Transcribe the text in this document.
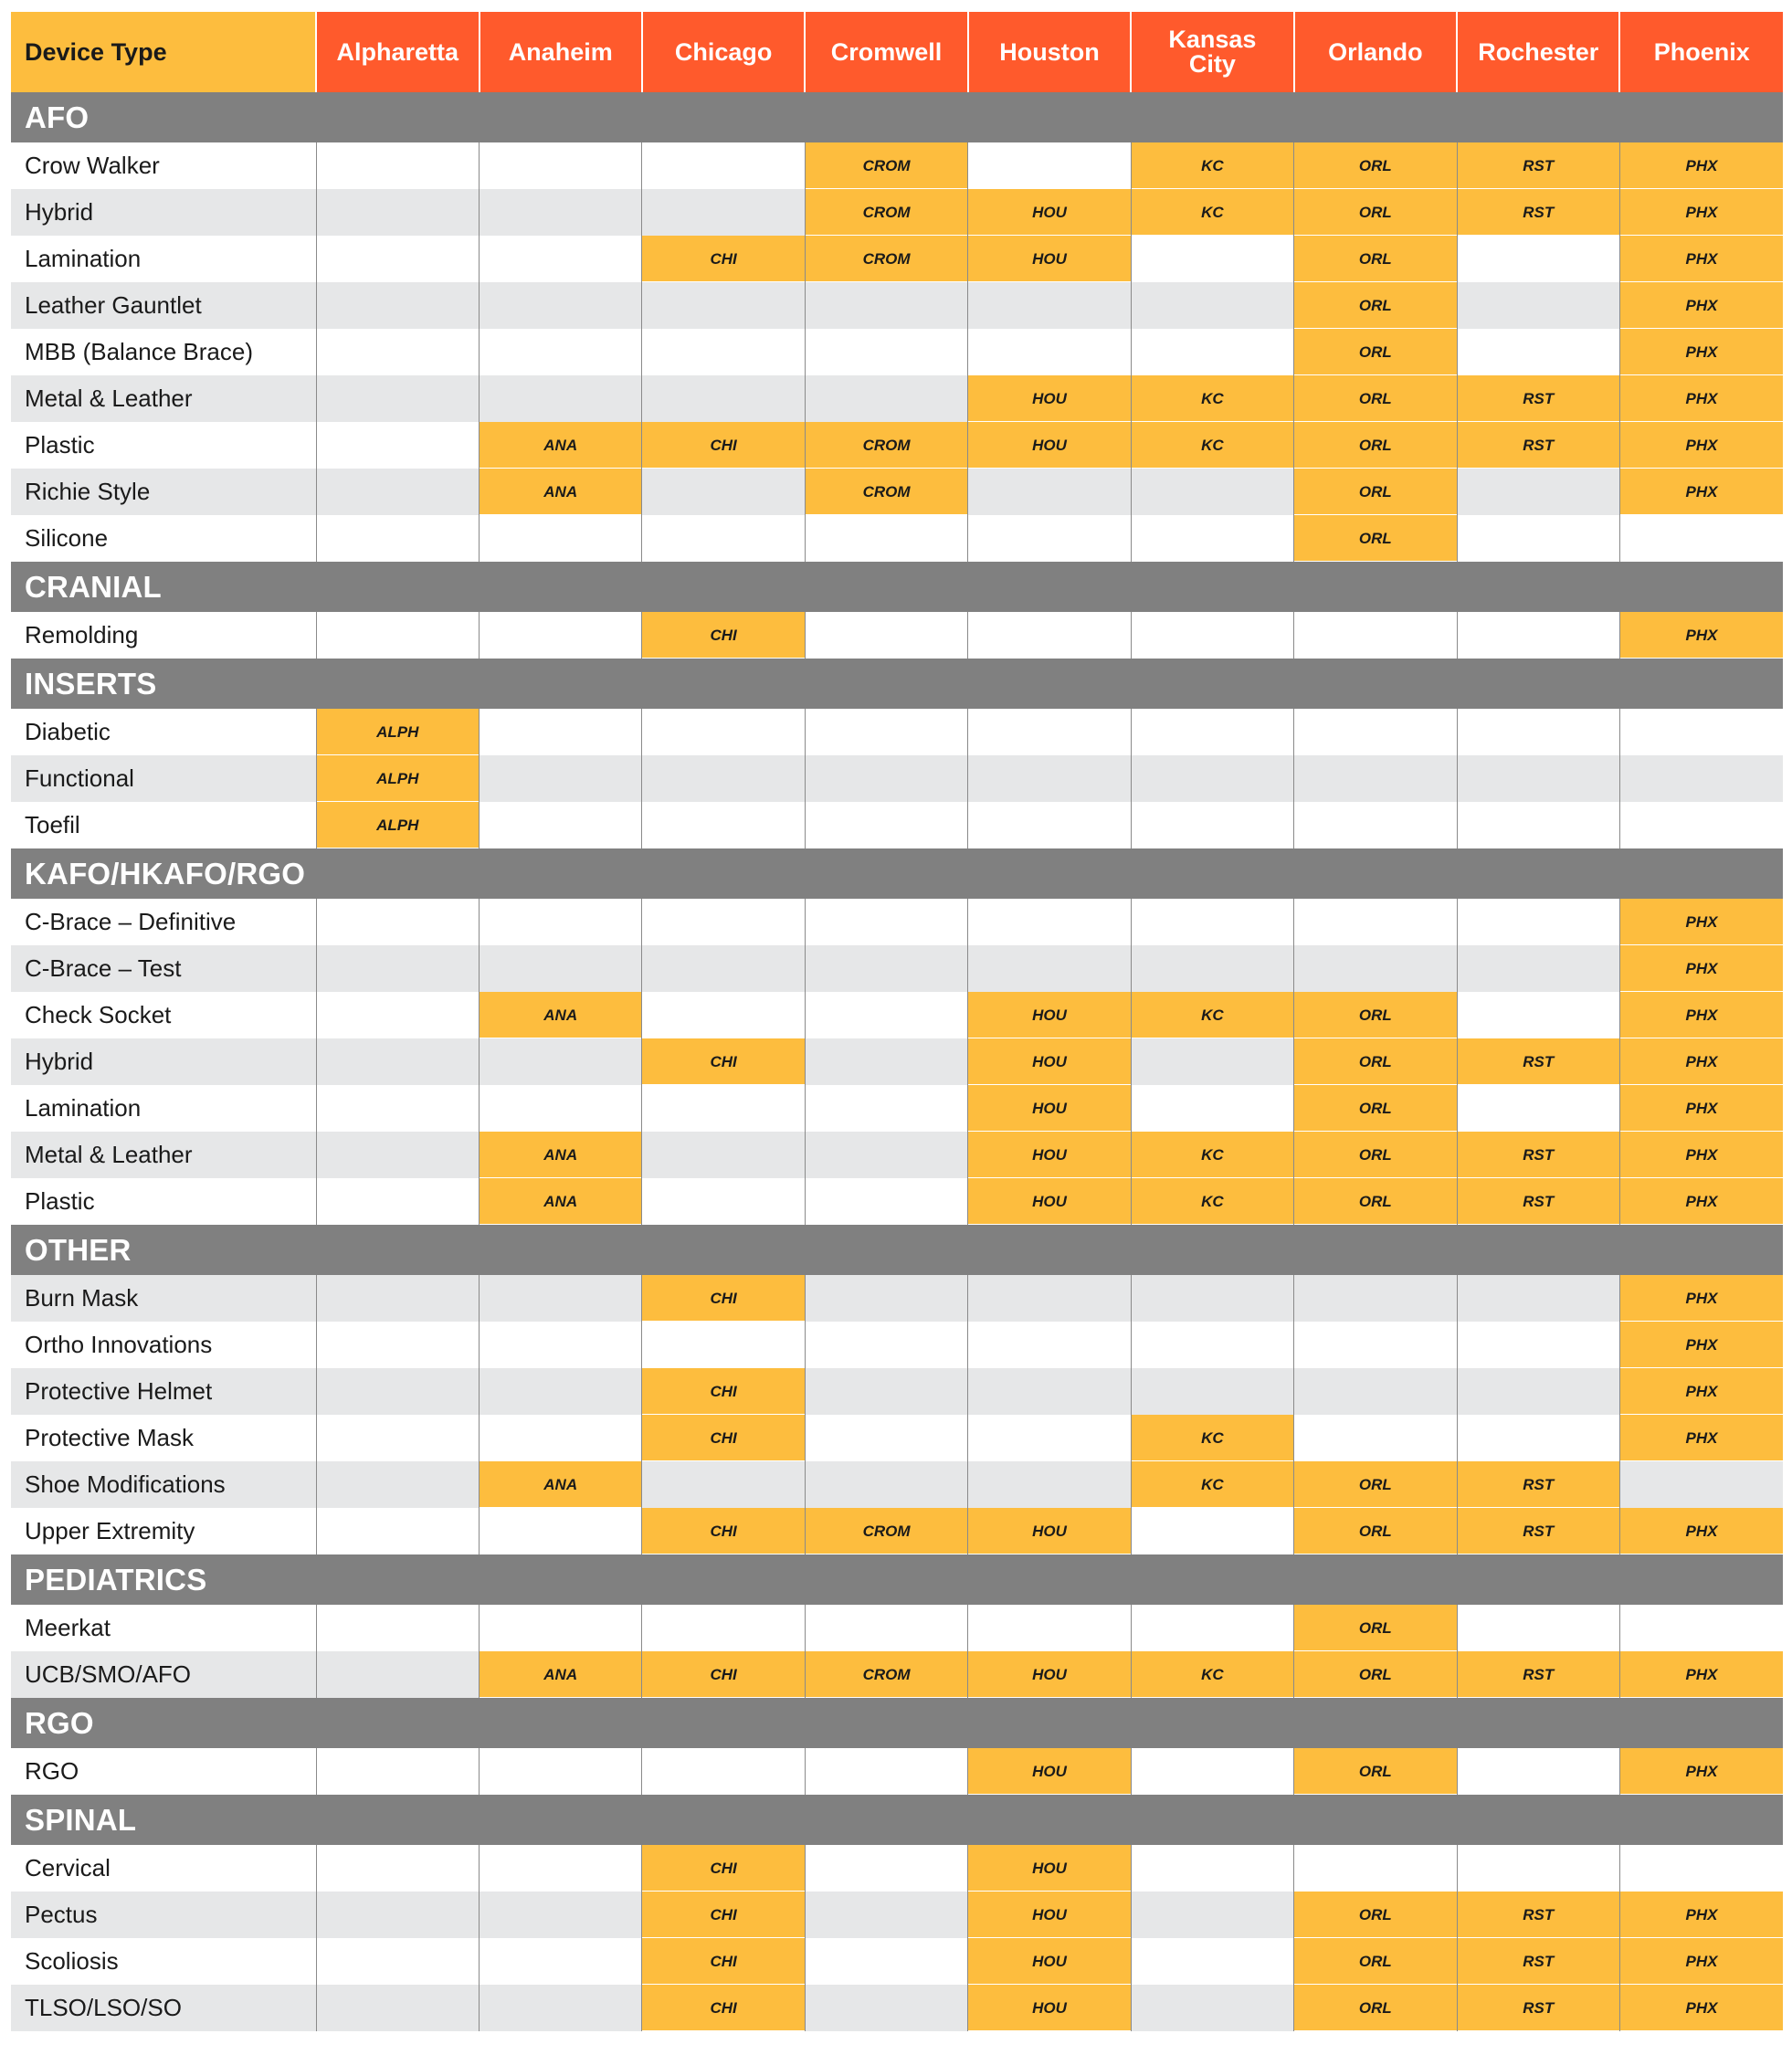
Device Type	Alpharetta	Anaheim	Chicago	Cromwell	Houston	Kansas City	Orlando	Rochester	Phoenix
AFO									
Crow Walker				CROM		KC	ORL	RST	PHX
Hybrid				CROM	HOU	KC	ORL	RST	PHX
Lamination			CHI	CROM	HOU		ORL		PHX
Leather Gauntlet							ORL		PHX
MBB (Balance Brace)							ORL		PHX
Metal & Leather					HOU	KC	ORL	RST	PHX
Plastic		ANA	CHI	CROM	HOU	KC	ORL	RST	PHX
Richie Style		ANA		CROM			ORL		PHX
Silicone							ORL		
CRANIAL									
Remolding			CHI						PHX
INSERTS									
Diabetic	ALPH								
Functional	ALPH								
Toefil	ALPH								
KAFO/HKAFO/RGO									
C-Brace – Definitive									PHX
C-Brace – Test									PHX
Check Socket		ANA			HOU	KC	ORL		PHX
Hybrid			CHI		HOU		ORL	RST	PHX
Lamination					HOU		ORL		PHX
Metal & Leather		ANA			HOU	KC	ORL	RST	PHX
Plastic		ANA			HOU	KC	ORL	RST	PHX
OTHER									
Burn Mask			CHI						PHX
Ortho Innovations									PHX
Protective Helmet			CHI						PHX
Protective Mask			CHI			KC			PHX
Shoe Modifications		ANA				KC	ORL	RST	
Upper Extremity			CHI	CROM	HOU		ORL	RST	PHX
PEDIATRICS									
Meerkat							ORL		
UCB/SMO/AFO		ANA	CHI	CROM	HOU	KC	ORL	RST	PHX
RGO									
RGO					HOU		ORL		PHX
SPINAL									
Cervical			CHI		HOU				
Pectus			CHI		HOU		ORL	RST	PHX
Scoliosis			CHI		HOU		ORL	RST	PHX
TLSO/LSO/SO			CHI		HOU		ORL	RST	PHX
